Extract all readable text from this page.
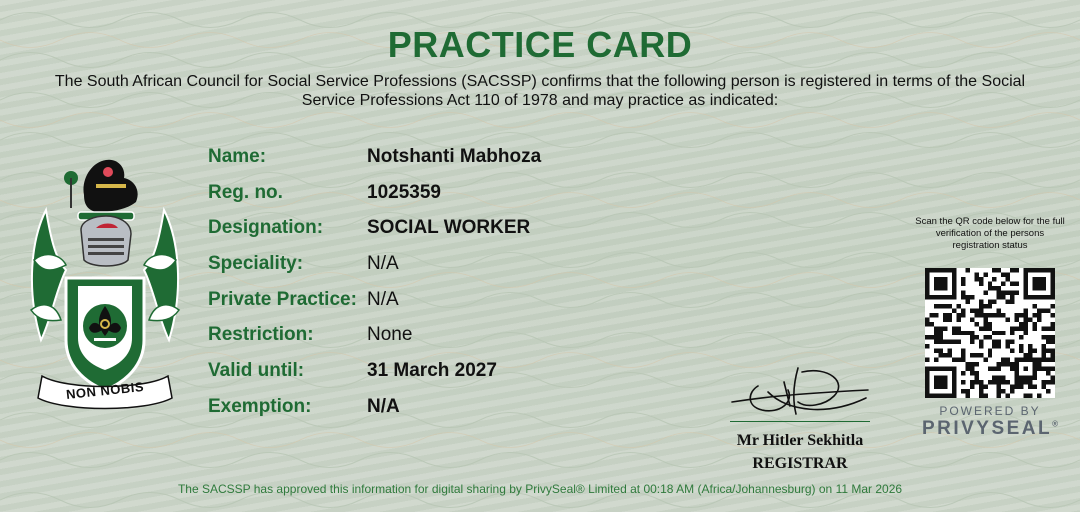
PRACTICE CARD
The South African Council for Social Service Professions (SACSSP) confirms that the following person is registered in terms of the Social Service Professions Act 110 of 1978 and may practice as indicated:
NON NOBIS
Name:	Notshanti Mabhoza
Reg. no.	1025359
Designation: SOCIAL WORKER
Speciality:	N/A
Private Practice: N/A
Restriction:	None
Valid until:	31 March 2027
Exemption:	N/A
Mr Hitler Sekhitla
REGISTRAR
Scan the QR code below for the full verification of the persons registration status
POWERED BY
PRIVYSEAL®
The SACSSP has approved this information for digital sharing by PrivySeal® Limited at 00:18 AM (Africa/Johannesburg) on 11 Mar 2026
